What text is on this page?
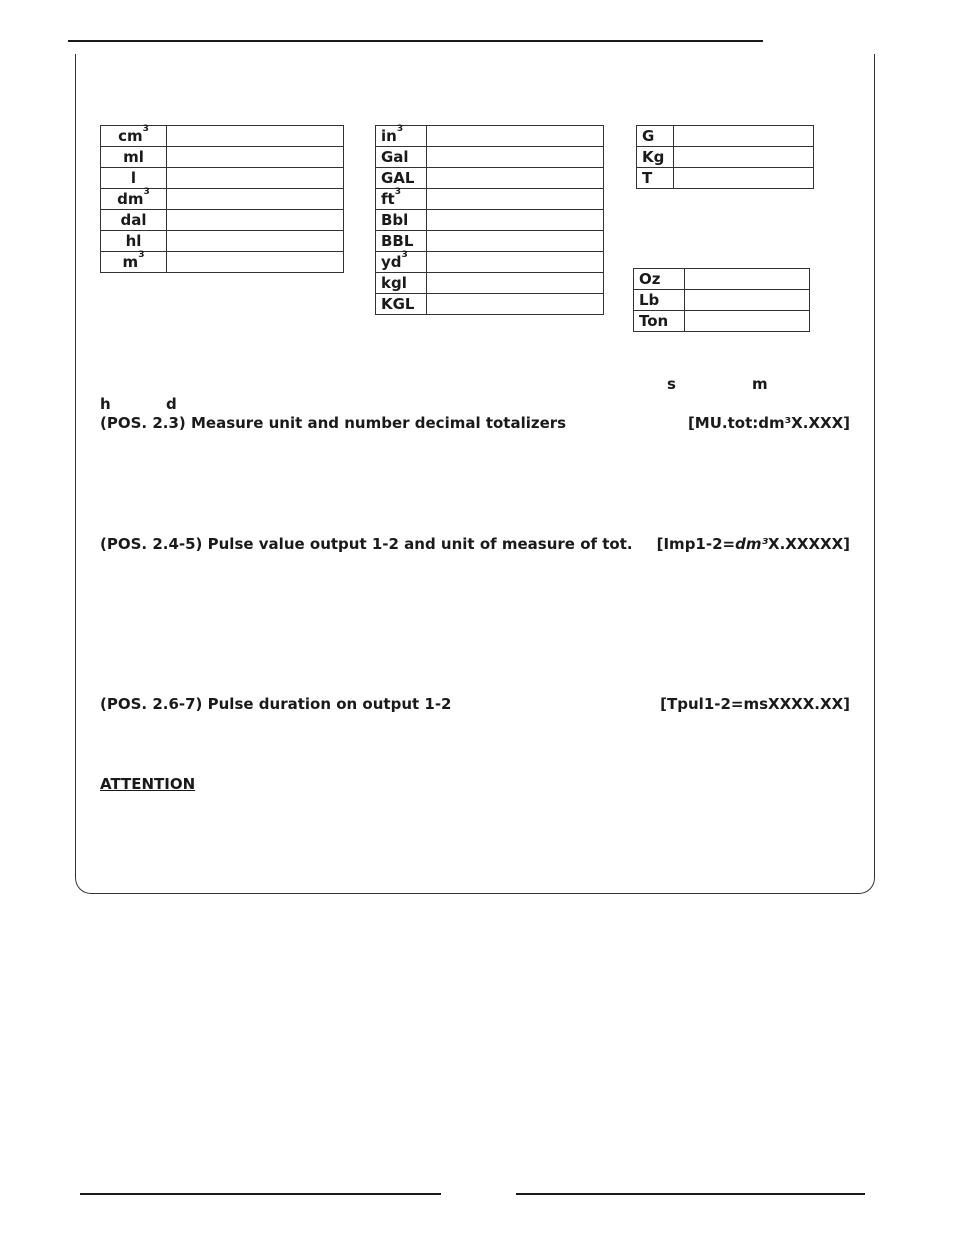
$cm^3$	
ml	
l	
$dm^3$	
dal	
hl	
$m^3$	
$in^3$	
Gal	
GAL	
$ft^3$	
Bbl	
BBL	
$yd^3$	
kgl	
KGL	
G	
Kg	
T	
Oz	
Lb	
Ton	
s	m
h	d
(POS. 2.3) Measure unit and number decimal totalizers	[MU.tot:dm³X.XXX]
(POS. 2.4-5) Pulse value output 1-2 and unit of measure of tot. [Imp1-2=dm³X.XXXXX]
(POS. 2.6-7) Pulse duration on output 1-2	[Tpul1-2=msXXXX.XX]
ATTENTION
